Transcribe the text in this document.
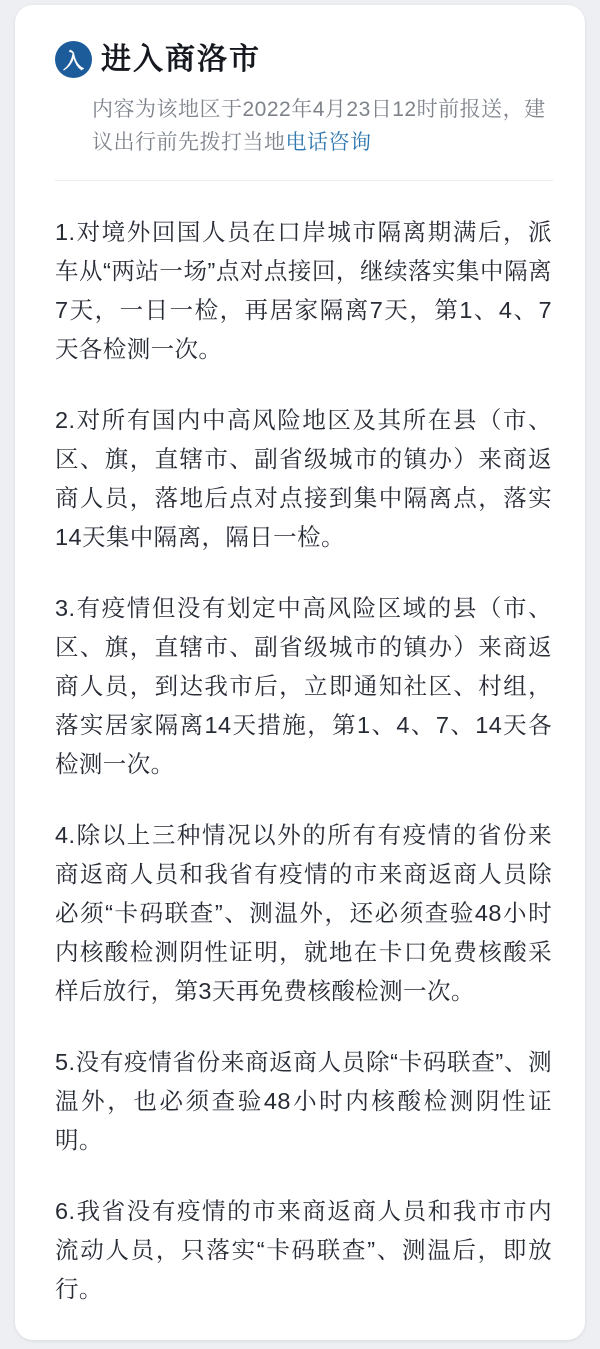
入 进入商洛市

内容为该地区于2022年4月23日12时前报送，建议出行前先拨打当地电话咨询

1.对境外回国人员在口岸城市隔离期满后，派车从“两站一场”点对点接回，继续落实集中隔离7天，一日一检，再居家隔离7天，第1、4、7天各检测一次。

2.对所有国内中高风险地区及其所在县（市、区、旗，直辖市、副省级城市的镇办）来商返商人员，落地后点对点接到集中隔离点，落实14天集中隔离，隔日一检。

3.有疫情但没有划定中高风险区域的县（市、区、旗，直辖市、副省级城市的镇办）来商返商人员，到达我市后，立即通知社区、村组，落实居家隔离14天措施，第1、4、7、14天各检测一次。

4.除以上三种情况以外的所有有疫情的省份来商返商人员和我省有疫情的市来商返商人员除必须“卡码联查”、测温外，还必须查验48小时内核酸检测阴性证明，就地在卡口免费核酸采样后放行，第3天再免费核酸检测一次。

5.没有疫情省份来商返商人员除“卡码联查”、测温外，也必须查验48小时内核酸检测阴性证明。

6.我省没有疫情的市来商返商人员和我市市内流动人员，只落实“卡码联查”、测温后，即放行。
